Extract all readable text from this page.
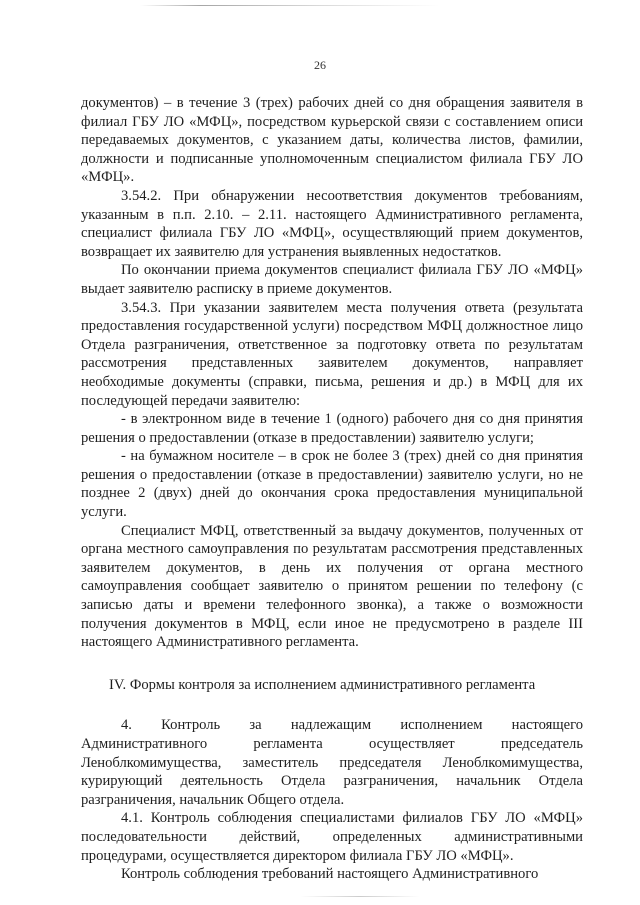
26

документов) – в течение 3 (трех) рабочих дней со дня обращения заявителя в филиал ГБУ ЛО «МФЦ», посредством курьерской связи с составлением описи передаваемых документов, с указанием даты, количества листов, фамилии, должности и подписанные уполномоченным специалистом филиала ГБУ ЛО «МФЦ».

3.54.2. При обнаружении несоответствия документов требованиям, указанным в п.п. 2.10. – 2.11. настоящего Административного регламента, специалист филиала ГБУ ЛО «МФЦ», осуществляющий прием документов, возвращает их заявителю для устранения выявленных недостатков.

По окончании приема документов специалист филиала ГБУ ЛО «МФЦ» выдает заявителю расписку в приеме документов.

3.54.3. При указании заявителем места получения ответа (результата предоставления государственной услуги) посредством МФЦ должностное лицо Отдела разграничения, ответственное за подготовку ответа по результатам рассмотрения представленных заявителем документов, направляет необходимые документы (справки, письма, решения и др.) в МФЦ для их последующей передачи заявителю:

- в электронном виде в течение 1 (одного) рабочего дня со дня принятия решения о предоставлении (отказе в предоставлении) заявителю услуги;

- на бумажном носителе – в срок не более 3 (трех) дней со дня принятия решения о предоставлении (отказе в предоставлении) заявителю услуги, но не позднее 2 (двух) дней до окончания срока предоставления муниципальной услуги.

Специалист МФЦ, ответственный за выдачу документов, полученных от органа местного самоуправления по результатам рассмотрения представленных заявителем документов, в день их получения от органа местного самоуправления сообщает заявителю о принятом решении по телефону (с записью даты и времени телефонного звонка), а также о возможности получения документов в МФЦ, если иное не предусмотрено в разделе III настоящего Административного регламента.

IV. Формы контроля за исполнением административного регламента

4. Контроль за надлежащим исполнением настоящего Административного регламента осуществляет председатель Леноблкомимущества, заместитель председателя Леноблкомимущества, курирующий деятельность Отдела разграничения, начальник Отдела разграничения, начальник Общего отдела.

4.1. Контроль соблюдения специалистами филиалов ГБУ ЛО «МФЦ» последовательности действий, определенных административными процедурами, осуществляется директором филиала ГБУ ЛО «МФЦ».

Контроль соблюдения требований настоящего Административного
